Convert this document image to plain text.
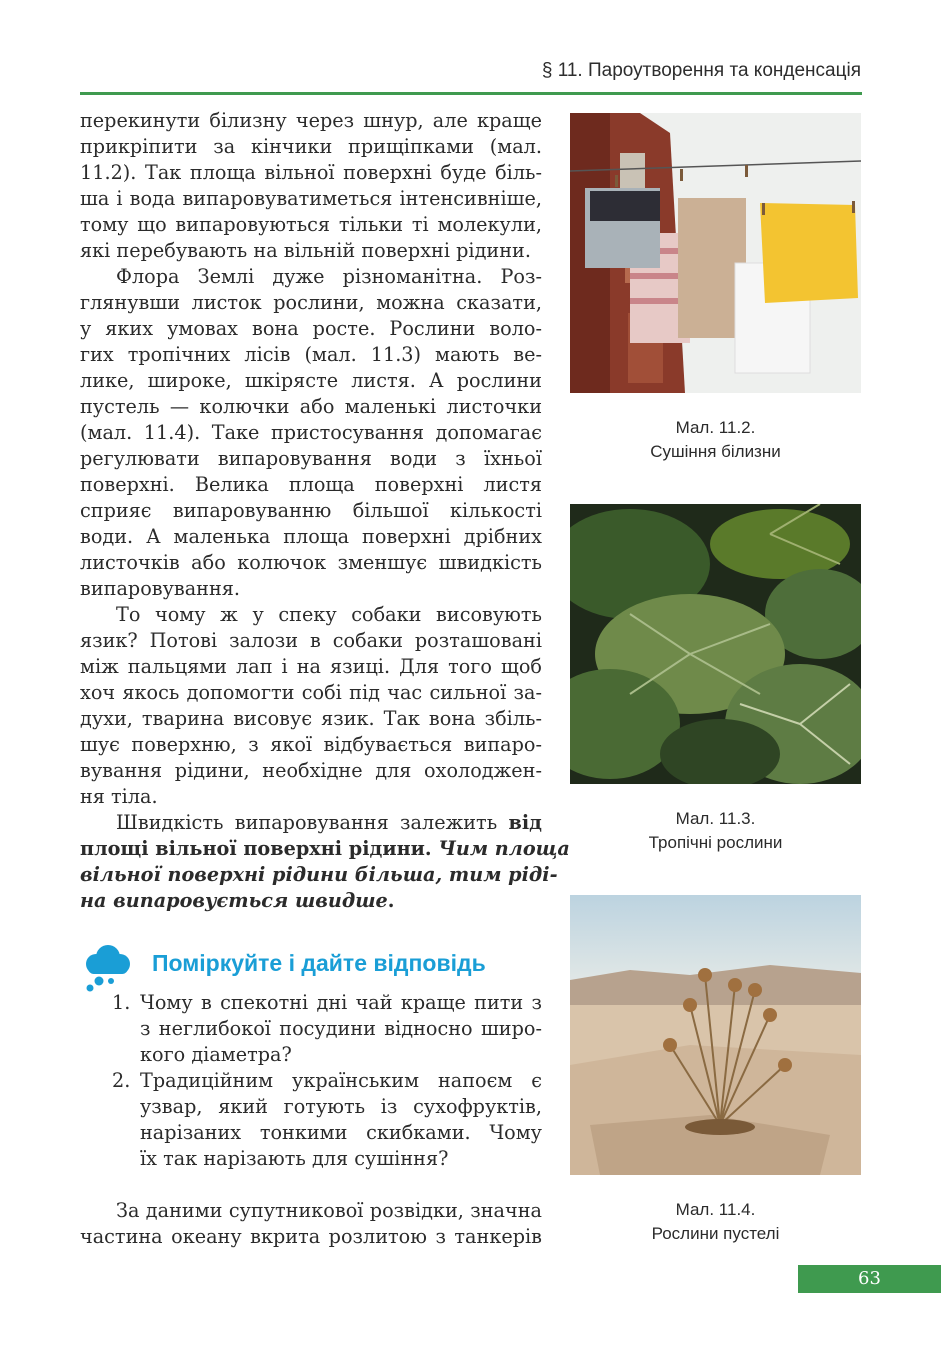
§ 11. Пароутворення та конденсація
перекинути білизну через шнур, але краще
прикріпити за кінчики прищіпками (мал.
11.2). Так площа вільної поверхні буде біль-
ша і вода випаровуватиметься інтенсивніше,
тому що випаровуються тільки ті молекули,
які перебувають на вільній поверхні рідини.
Флора Землі дуже різноманітна. Роз-
глянувши листок рослини, можна сказати,
у яких умовах вона росте. Рослини воло-
гих тропічних лісів (мал. 11.3) мають ве-
лике, широке, шкірясте листя. А рослини
пустель — колючки або маленькі листочки
(мал. 11.4). Таке пристосування допомагає
регулювати випаровування води з їхньої
поверхні. Велика площа поверхні листя
сприяє випаровуванню більшої кількості
води. А маленька площа поверхні дрібних
листочків або колючок зменшує швидкість
випаровування.
То чому ж у спеку собаки висовують
язик? Потові залози в собаки розташовані
між пальцями лап і на язиці. Для того щоб
хоч якось допомогти собі під час сильної за-
духи, тварина висовує язик. Так вона збіль-
шує поверхню, з якої відбувається випаро-
вування рідини, необхідне для охолоджен-
ня тіла.
Швидкість випаровування залежить від
площі вільної поверхні рідини. Чим площа
вільної поверхні рідини більша, тим рідi-
на випаровується швидше.
Поміркуйте і дайте відповідь
1. Чому в спекотні дні чай краще пити з
з неглибокої посудини відносно широ-
кого діаметра?
2. Традиційним українським напоєм є
узвар, який готують із сухофруктів,
нарізаних тонкими скибками. Чому
їх так нарізають для сушіння?
За даними супутникової розвідки, значна
частина океану вкрита розлитою з танкерів
Мал. 11.2.
Сушіння білизни
Мал. 11.3.
Тропічні рослини
Мал. 11.4.
Рослини пустелі
63
